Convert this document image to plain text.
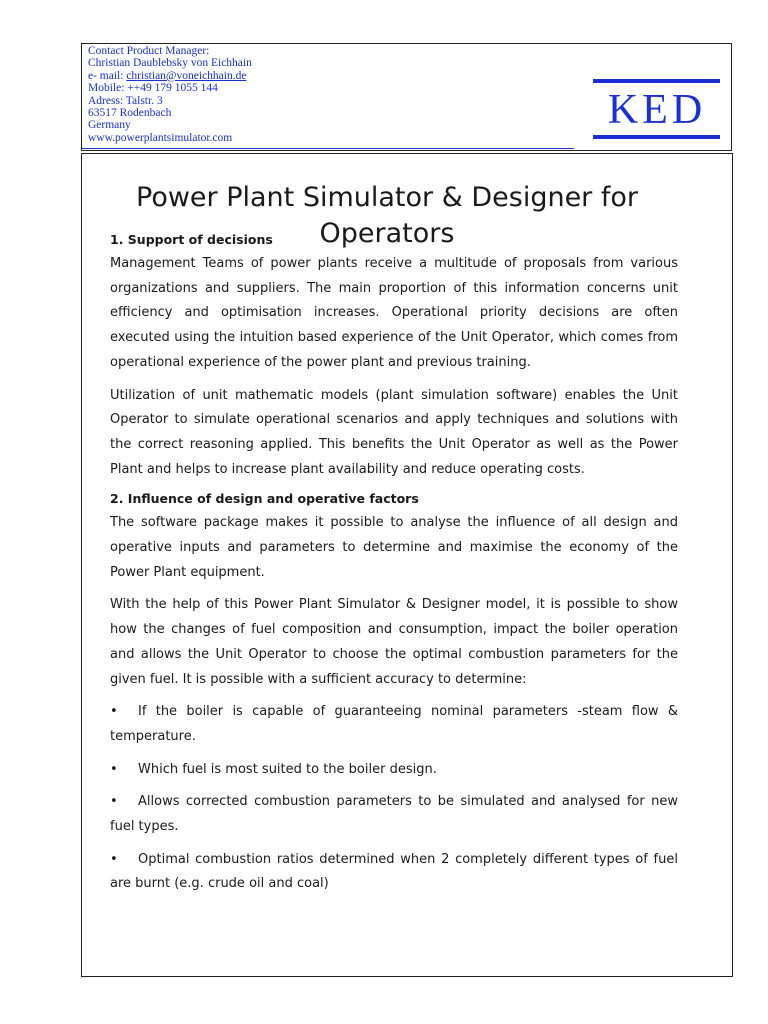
Contact Product Manager:
Christian Daublebsky von Eichhain
e- mail: christian@voneichhain.de
Mobile: ++49 179 1055 144
Adress: Talstr. 3
63517 Rodenbach
Germany
www.powerplantsimulator.com
KED
Power Plant Simulator & Designer for
Operators
1. Support of decisions

Management Teams of power plants receive a multitude of proposals from various organizations and suppliers. The main proportion of this information concerns unit efficiency and optimisation increases. Operational priority decisions are often executed using the intuition based experience of the Unit Operator, which comes from operational experience of the power plant and previous training.

Utilization of unit mathematic models (plant simulation software) enables the Unit Operator to simulate operational scenarios and apply techniques and solutions with the correct reasoning applied. This benefits the Unit Operator as well as the Power Plant and helps to increase plant availability and reduce operating costs.

2. Influence of design and operative factors

The software package makes it possible to analyse the influence of all design and operative inputs and parameters to determine and maximise the economy of the Power Plant equipment.

With the help of this Power Plant Simulator & Designer model, it is possible to show how the changes of fuel composition and consumption, impact the boiler operation and allows the Unit Operator to choose the optimal combustion parameters for the given fuel. It is possible with a sufficient accuracy to determine:

• If the boiler is capable of guaranteeing nominal parameters -steam flow & temperature.

• Which fuel is most suited to the boiler design.

• Allows corrected combustion parameters to be simulated and analysed for new fuel types.

• Optimal combustion ratios determined when 2 completely different types of fuel are burnt (e.g. crude oil and coal)
